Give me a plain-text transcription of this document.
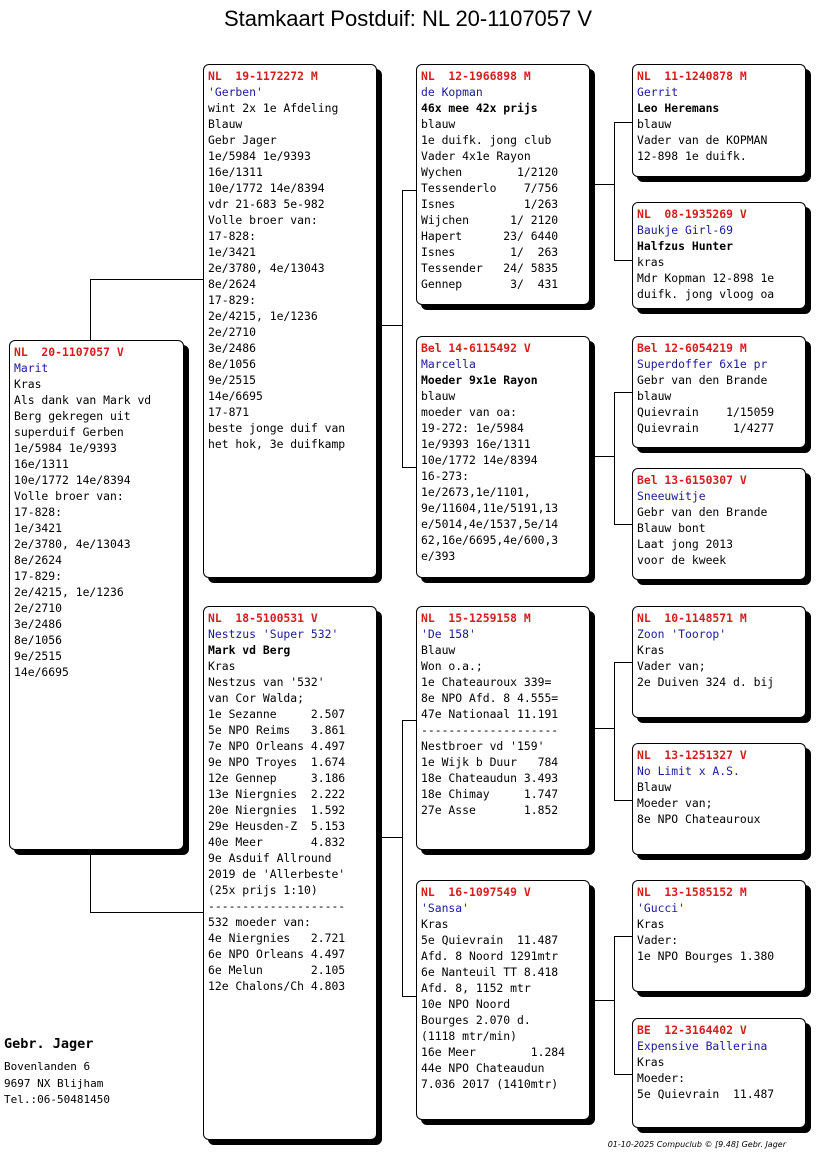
Stamkaart Postduif: NL 20-1107057 V
NL  20-1107057 V
Marit
Kras
Als dank van Mark vd
Berg gekregen uit
superduif Gerben
1e/5984 1e/9393
16e/1311
10e/1772 14e/8394
Volle broer van:
17-828:
1e/3421
2e/3780, 4e/13043
8e/2624
17-829:
2e/4215, 1e/1236
2e/2710
3e/2486
8e/1056
9e/2515
14e/6695
NL  19-1172272 M
'Gerben'
wint 2x 1e Afdeling
Blauw
Gebr Jager
1e/5984 1e/9393
16e/1311
10e/1772 14e/8394
vdr 21-683 5e-982
Volle broer van:
17-828:
1e/3421
2e/3780, 4e/13043
8e/2624
17-829:
2e/4215, 1e/1236
2e/2710
3e/2486
8e/1056
9e/2515
14e/6695
17-871
beste jonge duif van
het hok, 3e duifkamp
NL  18-5100531 V
Nestzus 'Super 532'
Mark vd Berg
Kras
Nestzus van '532'
van Cor Walda;
1e Sezanne     2.507
5e NPO Reims   3.861
7e NPO Orleans 4.497
9e NPO Troyes  1.674
12e Gennep     3.186
13e Niergnies  2.222
20e Niergnies  1.592
29e Heusden-Z  5.153
40e Meer       4.832
9e Asduif Allround
2019 de 'Allerbeste'
(25x prijs 1:10)
--------------------
532 moeder van:
4e Niergnies   2.721
6e NPO Orleans 4.497
6e Melun       2.105
12e Chalons/Ch 4.803
NL  12-1966898 M
de Kopman
46x mee 42x prijs
blauw
1e duifk. jong club
Vader 4x1e Rayon
Wychen        1/2120
Tessenderlo    7/756
Isnes          1/263
Wijchen      1/ 2120
Hapert      23/ 6440
Isnes        1/  263
Tessender   24/ 5835
Gennep       3/  431
Bel 14-6115492 V
Marcella
Moeder 9x1e Rayon
blauw
moeder van oa:
19-272: 1e/5984
1e/9393 16e/1311
10e/1772 14e/8394
16-273:
1e/2673,1e/1101,
9e/11604,11e/5191,13
e/5014,4e/1537,5e/14
62,16e/6695,4e/600,3
e/393
NL  15-1259158 M
'De 158'
Blauw
Won o.a.;
1e Chateauroux 339=
8e NPO Afd. 8 4.555=
47e Nationaal 11.191
--------------------
Nestbroer vd '159'
1e Wijk b Duur   784
18e Chateaudun 3.493
18e Chimay     1.747
27e Asse       1.852
NL  16-1097549 V
'Sansa'
Kras
5e Quievrain  11.487
Afd. 8 Noord 1291mtr
6e Nanteuil TT 8.418
Afd. 8, 1152 mtr
10e NPO Noord
Bourges 2.070 d.
(1118 mtr/min)
16e Meer        1.284
44e NPO Chateaudun
7.036 2017 (1410mtr)
NL  11-1240878 M
Gerrit
Leo Heremans
blauw
Vader van de KOPMAN
12-898 1e duifk.
NL  08-1935269 V
Baukje Girl-69
Halfzus Hunter
kras
Mdr Kopman 12-898 1e
duifk. jong vloog oa
Bel 12-6054219 M
Superdoffer 6x1e pr
Gebr van den Brande
blauw
Quievrain    1/15059
Quievrain     1/4277
Bel 13-6150307 V
Sneeuwitje
Gebr van den Brande
Blauw bont
Laat jong 2013
voor de kweek
NL  10-1148571 M
Zoon 'Toorop'
Kras
Vader van;
2e Duiven 324 d. bij
NL  13-1251327 V
No Limit x A.S.
Blauw
Moeder van;
8e NPO Chateaurouх
NL  13-1585152 M
'Gucci'
Kras
Vader:
1e NPO Bourges 1.380
BE  12-3164402 V
Expensive Ballerina
Kras
Moeder:
5e Quievrain  11.487
Gebr. Jager
Bovenlanden 6
9697 NX Blijham
Tel.:06-50481450
01-10-2025 Compuclub © [9.48] Gebr. Jager
